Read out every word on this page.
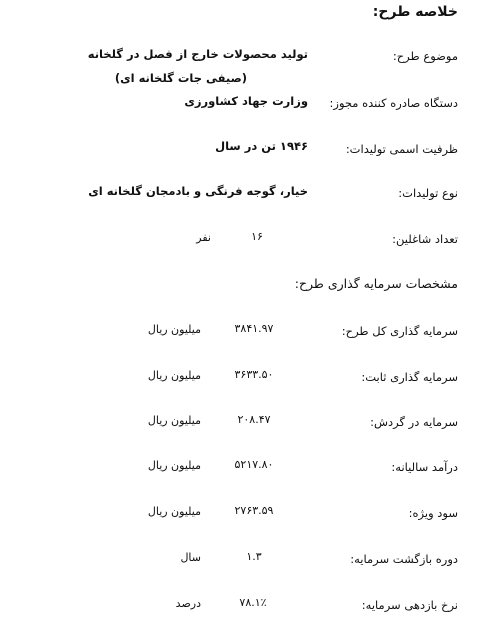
خلاصه طرح:
موضوع طرح:
تولید محصولات خارج از فصل در گلخانه
(صیفی جات گلخانه ای)
دستگاه صادره کننده مجوز:
وزارت جهاد کشاورزی
ظرفیت اسمی تولیدات:
۱۹۴۶ تن در سال
نوع تولیدات:
خیار، گوجه فرنگی و بادمجان گلخانه ای
تعداد شاغلین:
۱۶
نفر
مشخصات سرمایه گذاری طرح:
سرمایه گذاری کل طرح:
۳۸۴۱.۹۷
میلیون ریال
سرمایه گذاری ثابت:
۳۶۳۳.۵۰
میلیون ریال
سرمایه در گردش:
۲۰۸.۴۷
میلیون ریال
درآمد سالیانه:
۵۲۱۷.۸۰
میلیون ریال
سود ویژه:
۲۷۶۳.۵۹
میلیون ریال
دوره بازگشت سرمایه:
۱.۳
سال
نرخ بازدهی سرمایه:
۷۸.۱٪
درصد
